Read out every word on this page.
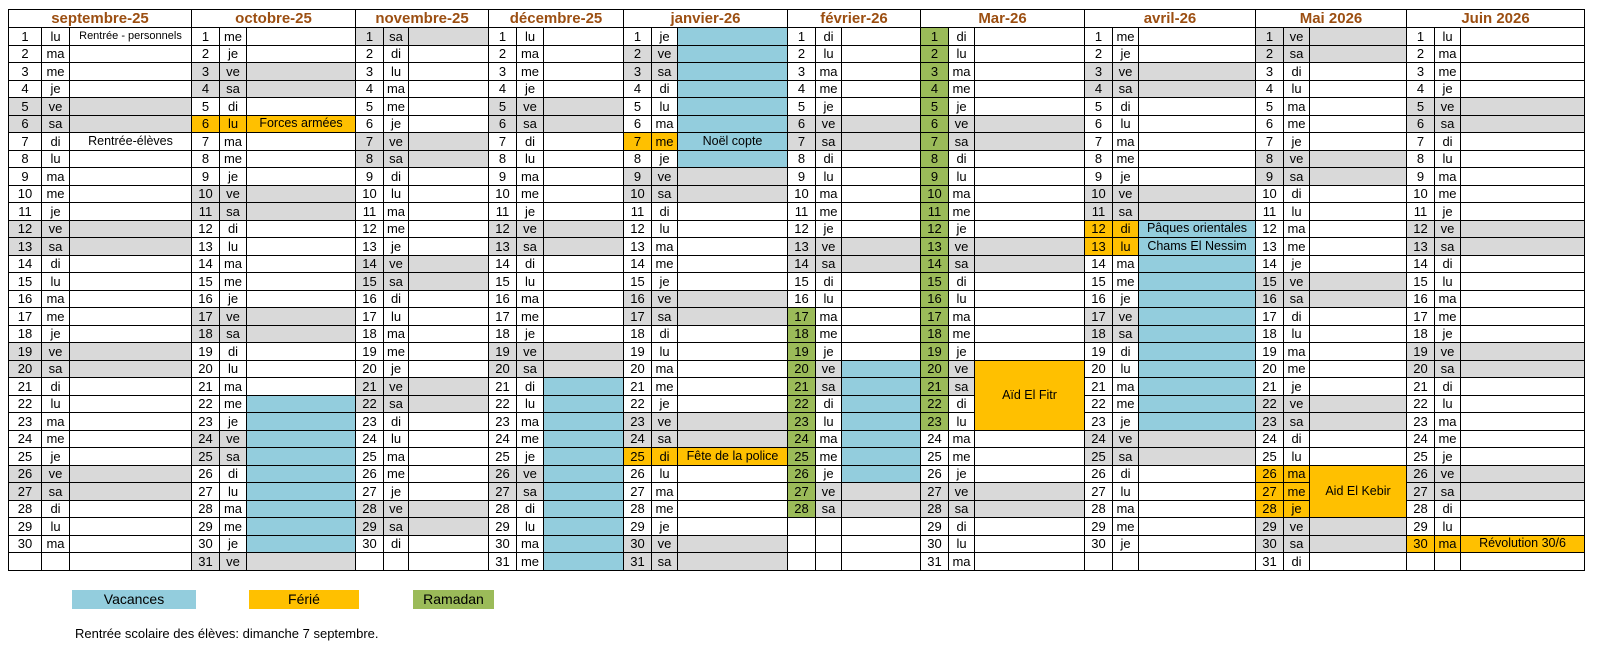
septembre-25			octobre-25			novembre-25			décembre-25			janvier-26			février-26			Mar-26			avril-26			Mai 2026			Juin 2026		
1	lu	Rentrée - personnels	1	me		1	sa		1	lu		1	je		1	di		1	di		1	me		1	ve		1	lu	
2	ma		2	je		2	di		2	ma		2	ve		2	lu		2	lu		2	je		2	sa		2	ma	
3	me		3	ve		3	lu		3	me		3	sa		3	ma		3	ma		3	ve		3	di		3	me	
4	je		4	sa		4	ma		4	je		4	di		4	me		4	me		4	sa		4	lu		4	je	
5	ve		5	di		5	me		5	ve		5	lu		5	je		5	je		5	di		5	ma		5	ve	
6	sa		6	lu	Forces armées	6	je		6	sa		6	ma		6	ve		6	ve		6	lu		6	me		6	sa	
7	di	Rentrée-élèves	7	ma		7	ve		7	di		7	me	Noël copte	7	sa		7	sa		7	ma		7	je		7	di	
8	lu		8	me		8	sa		8	lu		8	je		8	di		8	di		8	me		8	ve		8	lu	
9	ma		9	je		9	di		9	ma		9	ve		9	lu		9	lu		9	je		9	sa		9	ma	
10	me		10	ve		10	lu		10	me		10	sa		10	ma		10	ma		10	ve		10	di		10	me	
11	je		11	sa		11	ma		11	je		11	di		11	me		11	me		11	sa		11	lu		11	je	
12	ve		12	di		12	me		12	ve		12	lu		12	je		12	je		12	di	Pâques orientales	12	ma		12	ve	
13	sa		13	lu		13	je		13	sa		13	ma		13	ve		13	ve		13	lu	Chams El Nessim	13	me		13	sa	
14	di		14	ma		14	ve		14	di		14	me		14	sa		14	sa		14	ma		14	je		14	di	
15	lu		15	me		15	sa		15	lu		15	je		15	di		15	di		15	me		15	ve		15	lu	
16	ma		16	je		16	di		16	ma		16	ve		16	lu		16	lu		16	je		16	sa		16	ma	
17	me		17	ve		17	lu		17	me		17	sa		17	ma		17	ma		17	ve		17	di		17	me	
18	je		18	sa		18	ma		18	je		18	di		18	me		18	me		18	sa		18	lu		18	je	
19	ve		19	di		19	me		19	ve		19	lu		19	je		19	je		19	di		19	ma		19	ve	
20	sa		20	lu		20	je		20	sa		20	ma		20	ve		20	ve	Aïd El Fitr	20	lu		20	me		20	sa	
21	di		21	ma		21	ve		21	di		21	me		21	sa		21	sa		21	ma		21	je		21	di	
22	lu		22	me		22	sa		22	lu		22	je		22	di		22	di		22	me		22	ve		22	lu	
23	ma		23	je		23	di		23	ma		23	ve		23	lu		23	lu		23	je		23	sa		23	ma	
24	me		24	ve		24	lu		24	me		24	sa		24	ma		24	ma		24	ve		24	di		24	me	
25	je		25	sa		25	ma		25	je		25	di	Fête de la police	25	me		25	me		25	sa		25	lu		25	je	
26	ve		26	di		26	me		26	ve		26	lu		26	je		26	je		26	di		26	ma	Aid El Kebir	26	ve	
27	sa		27	lu		27	je		27	sa		27	ma		27	ve		27	ve		27	lu		27	me		27	sa	
28	di		28	ma		28	ve		28	di		28	me		28	sa		28	sa		28	ma		28	je		28	di	
29	lu		29	me		29	sa		29	lu		29	je					29	di		29	me		29	ve		29	lu	
30	ma		30	je		30	di		30	ma		30	ve					30	lu		30	je		30	sa		30	ma	Révolution 30/6
			31	ve					31	me		31	sa					31	ma					31	di				
Vacances	Férié	Ramadan
Rentrée scolaire des élèves: dimanche 7 septembre.
